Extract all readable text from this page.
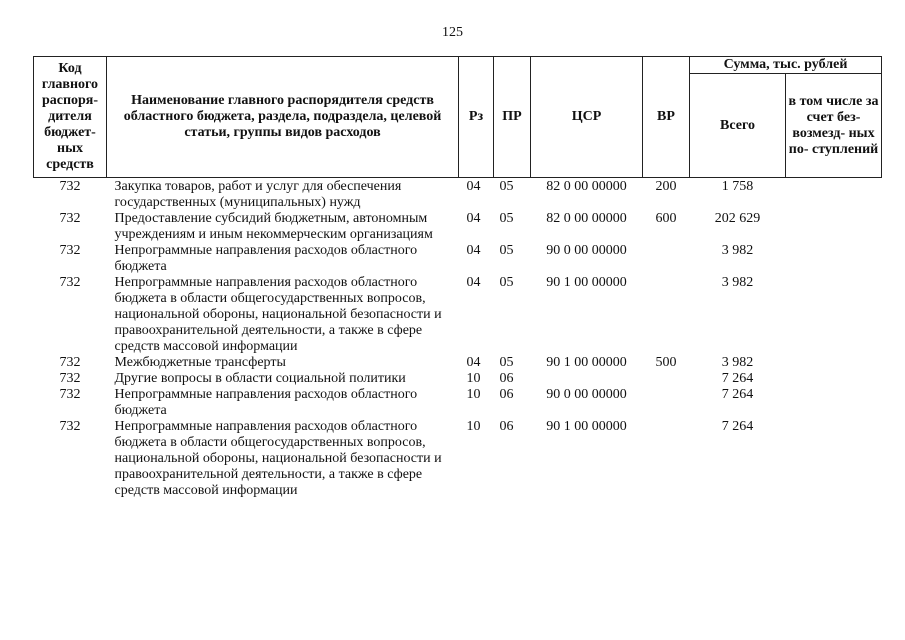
125
Код главного распоря- дителя бюджет- ных средств	Наименование главного распорядителя средств областного бюджета, раздела, подраздела, целевой статьи, группы видов расходов	Рз	ПР	ЦСР	ВР	Сумма, тыс. рублей	
						Всего	в том числе за счет без- возмезд- ных по- ступлений
732	Закупка товаров, работ и услуг для обеспечения государственных (муниципальных) нужд	04	05	82 0 00 00000	200	1 758	
732	Предоставление субсидий бюджетным, автономным учреждениям и иным некоммерческим организациям	04	05	82 0 00 00000	600	202 629	
732	Непрограммные направления расходов областного бюджета	04	05	90 0 00 00000		3 982	
732	Непрограммные направления расходов областного бюджета в области общегосударственных вопросов, национальной обороны, национальной безопасности и правоохранительной деятельности, а также в сфере средств массовой информации	04	05	90 1 00 00000		3 982	
732	Межбюджетные трансферты	04	05	90 1 00 00000	500	3 982	
732	Другие вопросы в области социальной политики	10	06			7 264	
732	Непрограммные направления расходов областного бюджета	10	06	90 0 00 00000		7 264	
732	Непрограммные направления расходов областного бюджета в области общегосударственных вопросов, национальной обороны, национальной безопасности и правоохранительной деятельности, а также в сфере средств массовой информации	10	06	90 1 00 00000		7 264	
